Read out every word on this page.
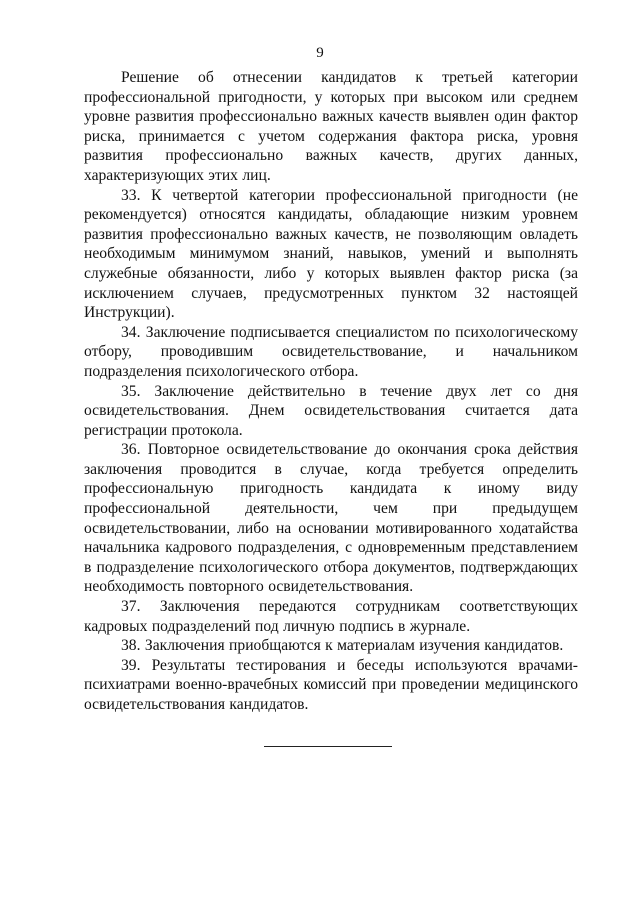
9

Решение об отнесении кандидатов к третьей категории профессиональной пригодности, у которых при высоком или среднем уровне развития профессионально важных качеств выявлен один фактор риска, принимается с учетом содержания фактора риска, уровня развития профессионально важных качеств, других данных, характеризующих этих лиц.

33. К четвертой категории профессиональной пригодности (не рекомендуется) относятся кандидаты, обладающие низким уровнем развития профессионально важных качеств, не позволяющим овладеть необходимым минимумом знаний, навыков, умений и выполнять служебные обязанности, либо у которых выявлен фактор риска (за исключением случаев, предусмотренных пунктом 32 настоящей Инструкции).

34. Заключение подписывается специалистом по психологическому отбору, проводившим освидетельствование, и начальником подразделения психологического отбора.

35. Заключение действительно в течение двух лет со дня освидетельствования. Днем освидетельствования считается дата регистрации протокола.

36. Повторное освидетельствование до окончания срока действия заключения проводится в случае, когда требуется определить профессиональную пригодность кандидата к иному виду профессиональной деятельности, чем при предыдущем освидетельствовании, либо на основании мотивированного ходатайства начальника кадрового подразделения, с одновременным представлением в подразделение психологического отбора документов, подтверждающих необходимость повторного освидетельствования.

37. Заключения передаются сотрудникам соответствующих кадровых подразделений под личную подпись в журнале.

38. Заключения приобщаются к материалам изучения кандидатов.

39. Результаты тестирования и беседы используются врачами-психиатрами военно-врачебных комиссий при проведении медицинского освидетельствования кандидатов.
